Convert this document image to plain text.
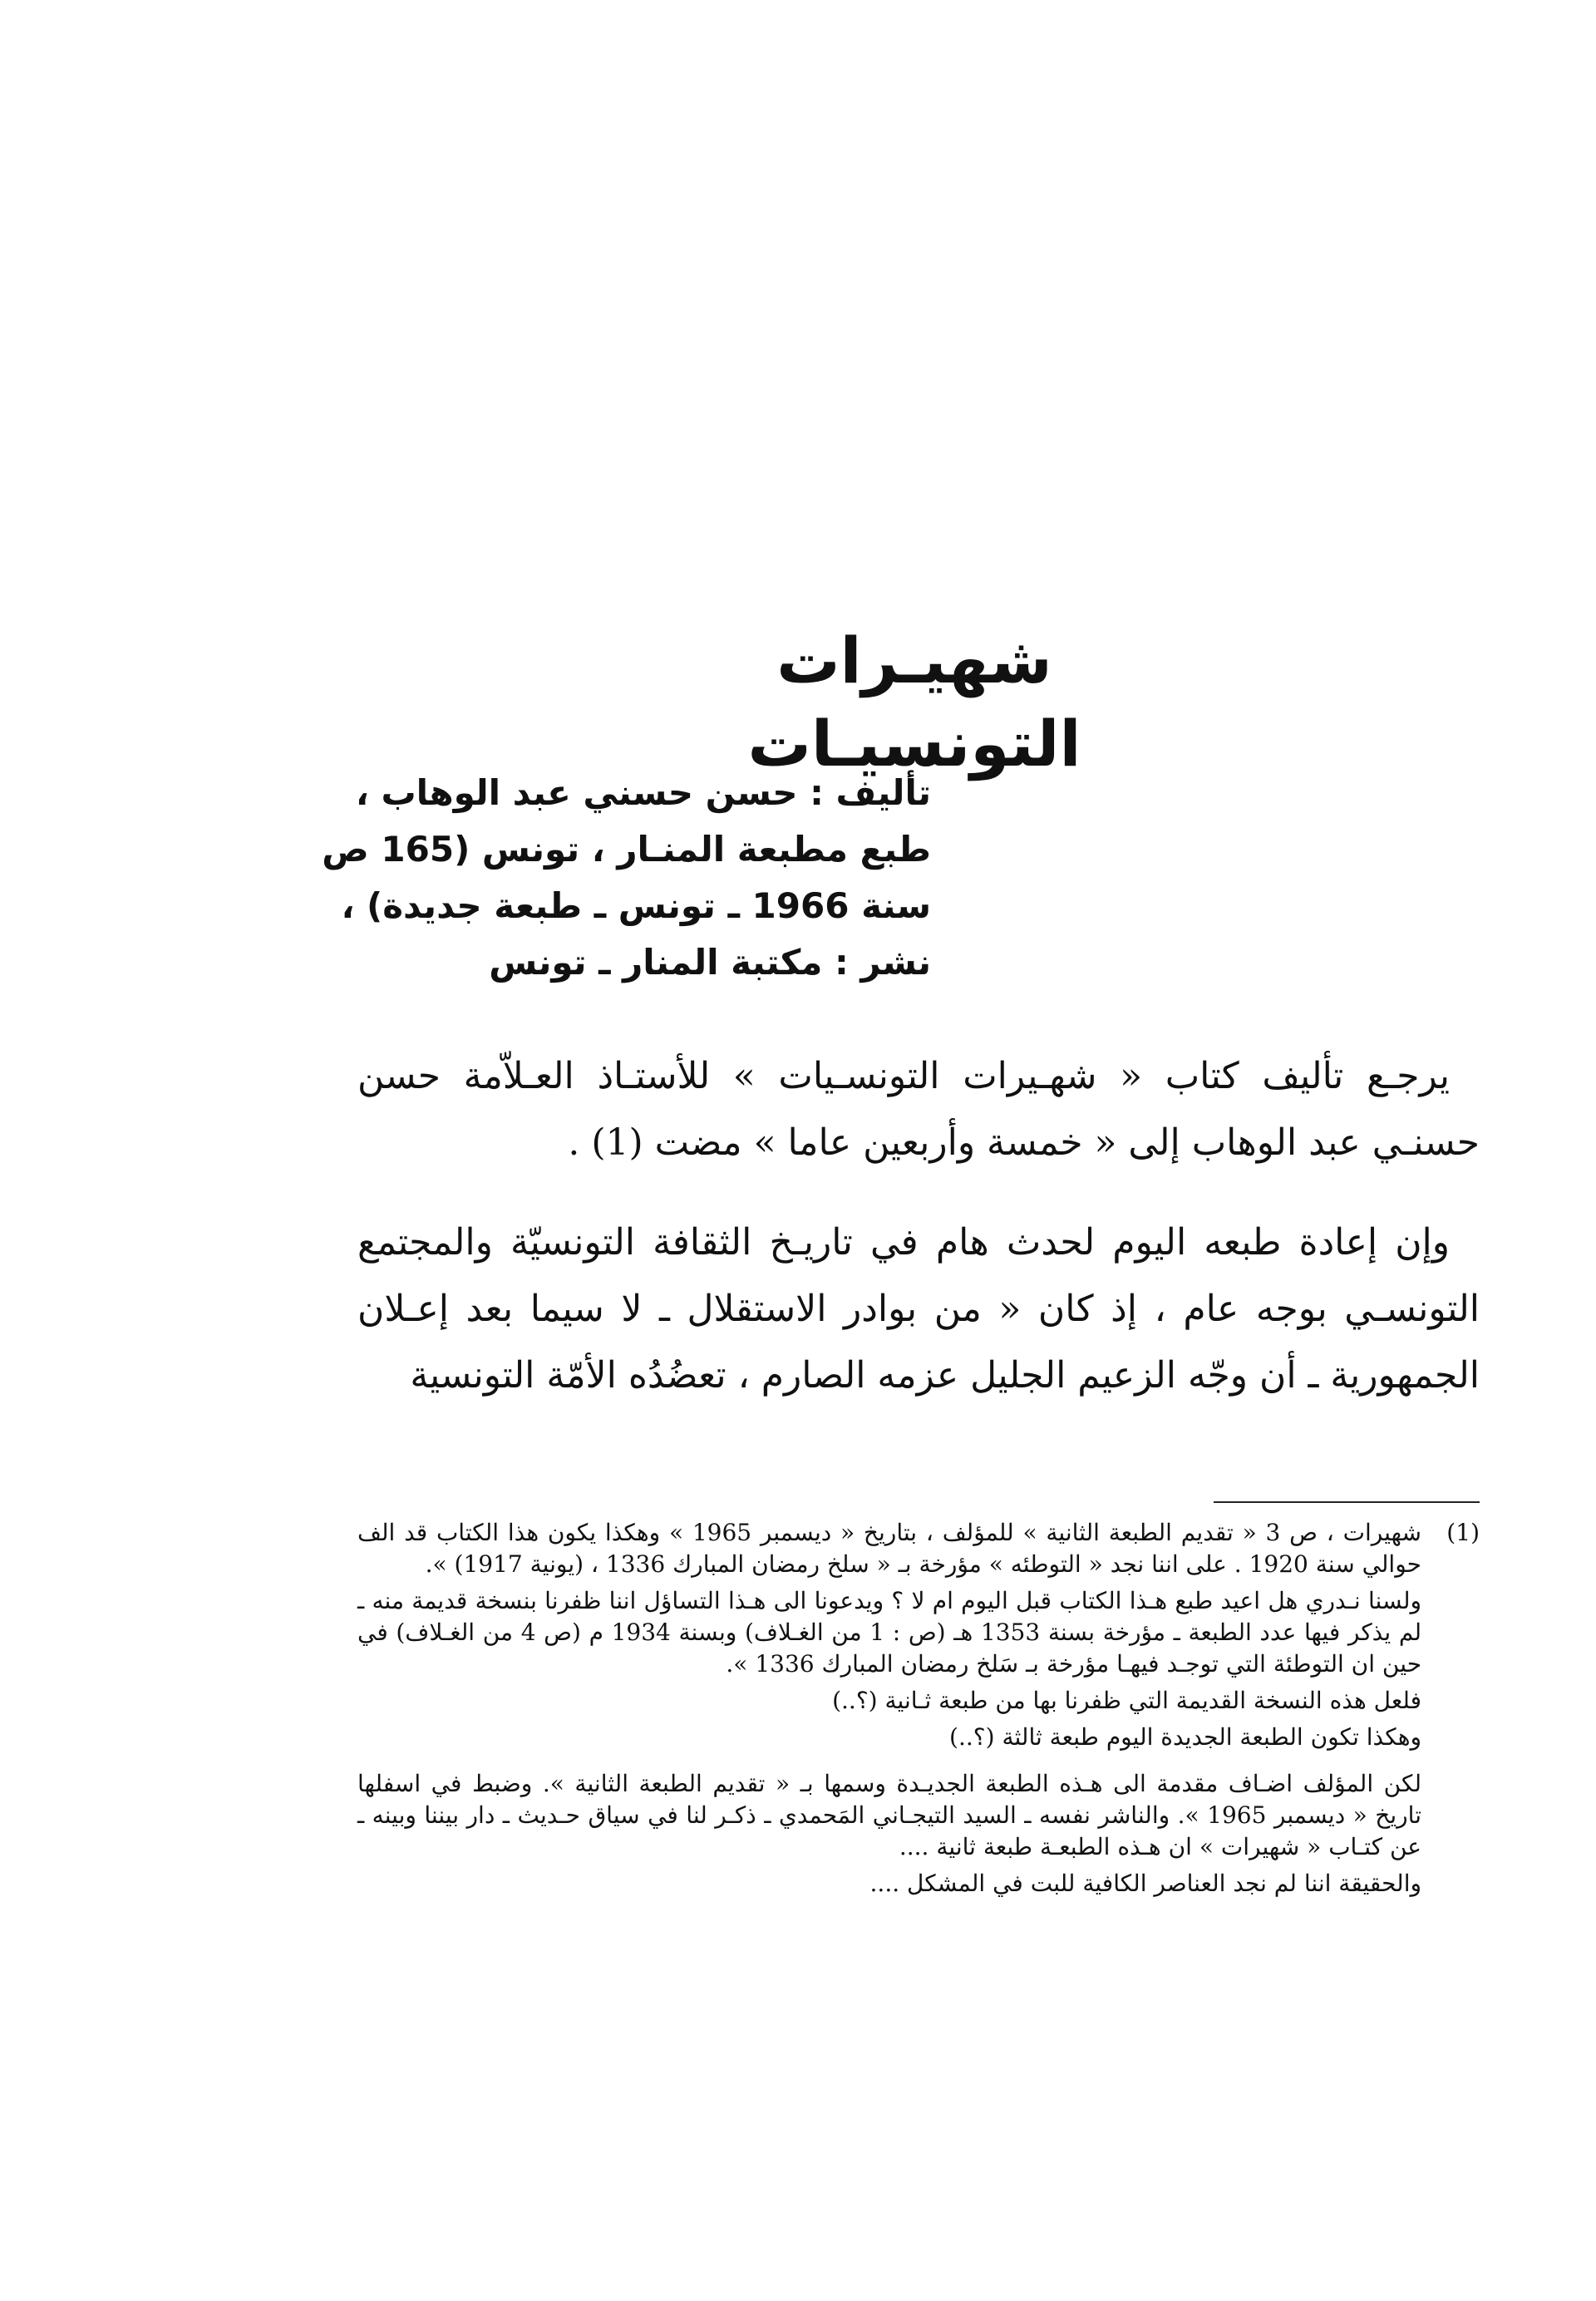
شهيـرات التونسيـات
تأليف : حسن حسني عبد الوهاب ،
طبع مطبعة المنـار ، تونس (165 ص
سنة 1966 ـ تونس ـ طبعة جديدة) ،
نشر : مكتبة المنار ـ تونس

يرجـع تأليف كتاب « شهـيرات التونسـيات » للأستـاذ العـلاّمة حسن حسنـي عبد الوهاب إلى « خمسة وأربعين عاما » مضت (1) .

وإن إعادة طبعه اليوم لحدث هام في تاريـخ الثقافة التونسيّة والمجتمع التونسـي بوجه عام ، إذ كان « من بوادر الاستقلال ـ لا سيما بعد إعـلان الجمهورية ـ أن وجّه الزعيم الجليل عزمه الصارم ، تعضُدُه الأمّة التونسية

(1)

شهيرات ، ص 3 « تقديم الطبعة الثانية » للمؤلف ، بتاريخ « ديسمبر 1965 » وهكذا يكون هذا الكتاب قد الف حوالي سنة 1920 . على اننا نجد « التوطئه » مؤرخة بـ « سلخ رمضان المبارك 1336 ، (يونية 1917) ».

ولسنا نـدري هل اعيد طبع هـذا الكتاب قبل اليوم ام لا ؟ ويدعونا الى هـذا التساؤل اننا ظفرنا بنسخة قديمة منه ـ لم يذكر فيها عدد الطبعة ـ مؤرخة بسنة 1353 هـ (ص : 1 من الغـلاف) وبسنة 1934 م (ص 4 من الغـلاف) في حين ان التوطئة التي توجـد فيهـا مؤرخة بـ سَلخ رمضان المبارك 1336 ».

فلعل هذه النسخة القديمة التي ظفرنا بها من طبعة ثـانية (؟..)

وهكذا تكون الطبعة الجديدة اليوم طبعة ثالثة (؟..)

لكن المؤلف اضـاف مقدمة الى هـذه الطبعة الجديـدة وسمها بـ « تقديم الطبعة الثانية ». وضبط في اسفلها تاريخ « ديسمبر 1965 ». والناشر نفسه ـ السيد التيجـاني المَحمدي ـ ذكـر لنا في سياق حـديث ـ دار بيننا وبينه ـ عن كتـاب « شهيرات » ان هـذه الطبعـة طبعة ثانية ....

والحقيقة اننا لم نجد العناصر الكافية للبت في المشكل ....
